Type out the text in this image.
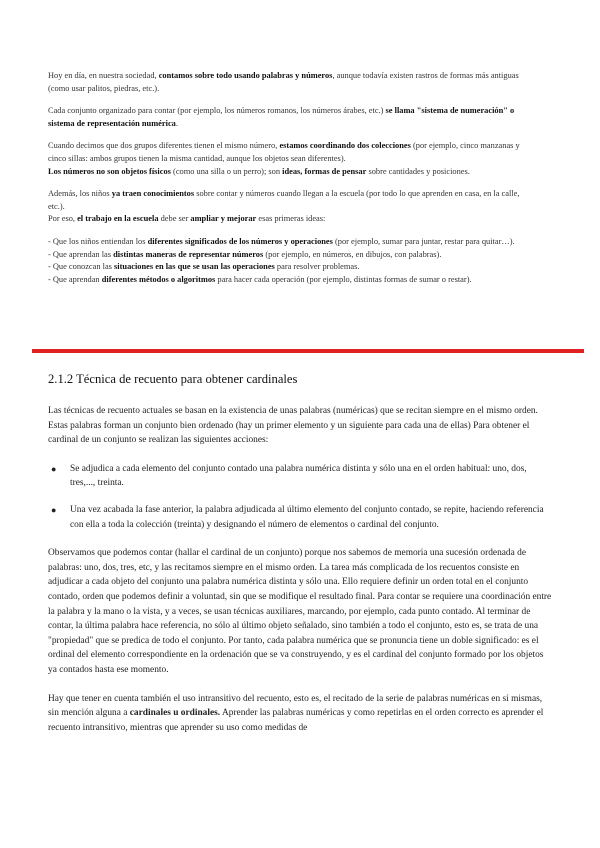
Hoy en día, en nuestra sociedad, contamos sobre todo usando palabras y números, aunque todavía existen rastros de formas más antiguas (como usar palitos, piedras, etc.).

Cada conjunto organizado para contar (por ejemplo, los números romanos, los números árabes, etc.) se llama "sistema de numeración" o sistema de representación numérica.

Cuando decimos que dos grupos diferentes tienen el mismo número, estamos coordinando dos colecciones (por ejemplo, cinco manzanas y cinco sillas: ambos grupos tienen la misma cantidad, aunque los objetos sean diferentes).

Los números no son objetos físicos (como una silla o un perro); son ideas, formas de pensar sobre cantidades y posiciones.

Además, los niños ya traen conocimientos sobre contar y números cuando llegan a la escuela (por todo lo que aprenden en casa, en la calle, etc.).

Por eso, el trabajo en la escuela debe ser ampliar y mejorar esas primeras ideas:

- Que los niños entiendan los diferentes significados de los números y operaciones (por ejemplo, sumar para juntar, restar para quitar…).

- Que aprendan las distintas maneras de representar números (por ejemplo, en números, en dibujos, con palabras).

- Que conozcan las situaciones en las que se usan las operaciones para resolver problemas.

- Que aprendan diferentes métodos o algoritmos para hacer cada operación (por ejemplo, distintas formas de sumar o restar).

2.1.2 Técnica de recuento para obtener cardinales

Las técnicas de recuento actuales se basan en la existencia de unas palabras (numéricas) que se recitan siempre en el mismo orden. Estas palabras forman un conjunto bien ordenado (hay un primer elemento y un siguiente para cada una de ellas) Para obtener el cardinal de un conjunto se realizan las siguientes acciones:

● Se adjudica a cada elemento del conjunto contado una palabra numérica distinta y sólo una en el orden habitual: uno, dos, tres,..., treinta.
● Una vez acabada la fase anterior, la palabra adjudicada al último elemento del conjunto contado, se repite, haciendo referencia con ella a toda la colección (treinta) y designando el número de elementos o cardinal del conjunto.

Observamos que podemos contar (hallar el cardinal de un conjunto) porque nos sabemos de memoria una sucesión ordenada de palabras: uno, dos, tres, etc, y las recitamos siempre en el mismo orden. La tarea más complicada de los recuentos consiste en adjudicar a cada objeto del conjunto una palabra numérica distinta y sólo una. Ello requiere definir un orden total en el conjunto contado, orden que podemos definir a voluntad, sin que se modifique el resultado final. Para contar se requiere una coordinación entre la palabra y la mano o la vista, y a veces, se usan técnicas auxiliares, marcando, por ejemplo, cada punto contado. Al terminar de contar, la última palabra hace referencia, no sólo al último objeto señalado, sino también a todo el conjunto, esto es, se trata de una "propiedad" que se predica de todo el conjunto. Por tanto, cada palabra numérica que se pronuncia tiene un doble significado: es el ordinal del elemento correspondiente en la ordenación que se va construyendo, y es el cardinal del conjunto formado por los objetos ya contados hasta ese momento.

Hay que tener en cuenta también el uso intransitivo del recuento, esto es, el recitado de la serie de palabras numéricas en sí mismas, sin mención alguna a cardinales u ordinales. Aprender las palabras numéricas y como repetirlas en el orden correcto es aprender el recuento intransitivo, mientras que aprender su uso como medidas de
